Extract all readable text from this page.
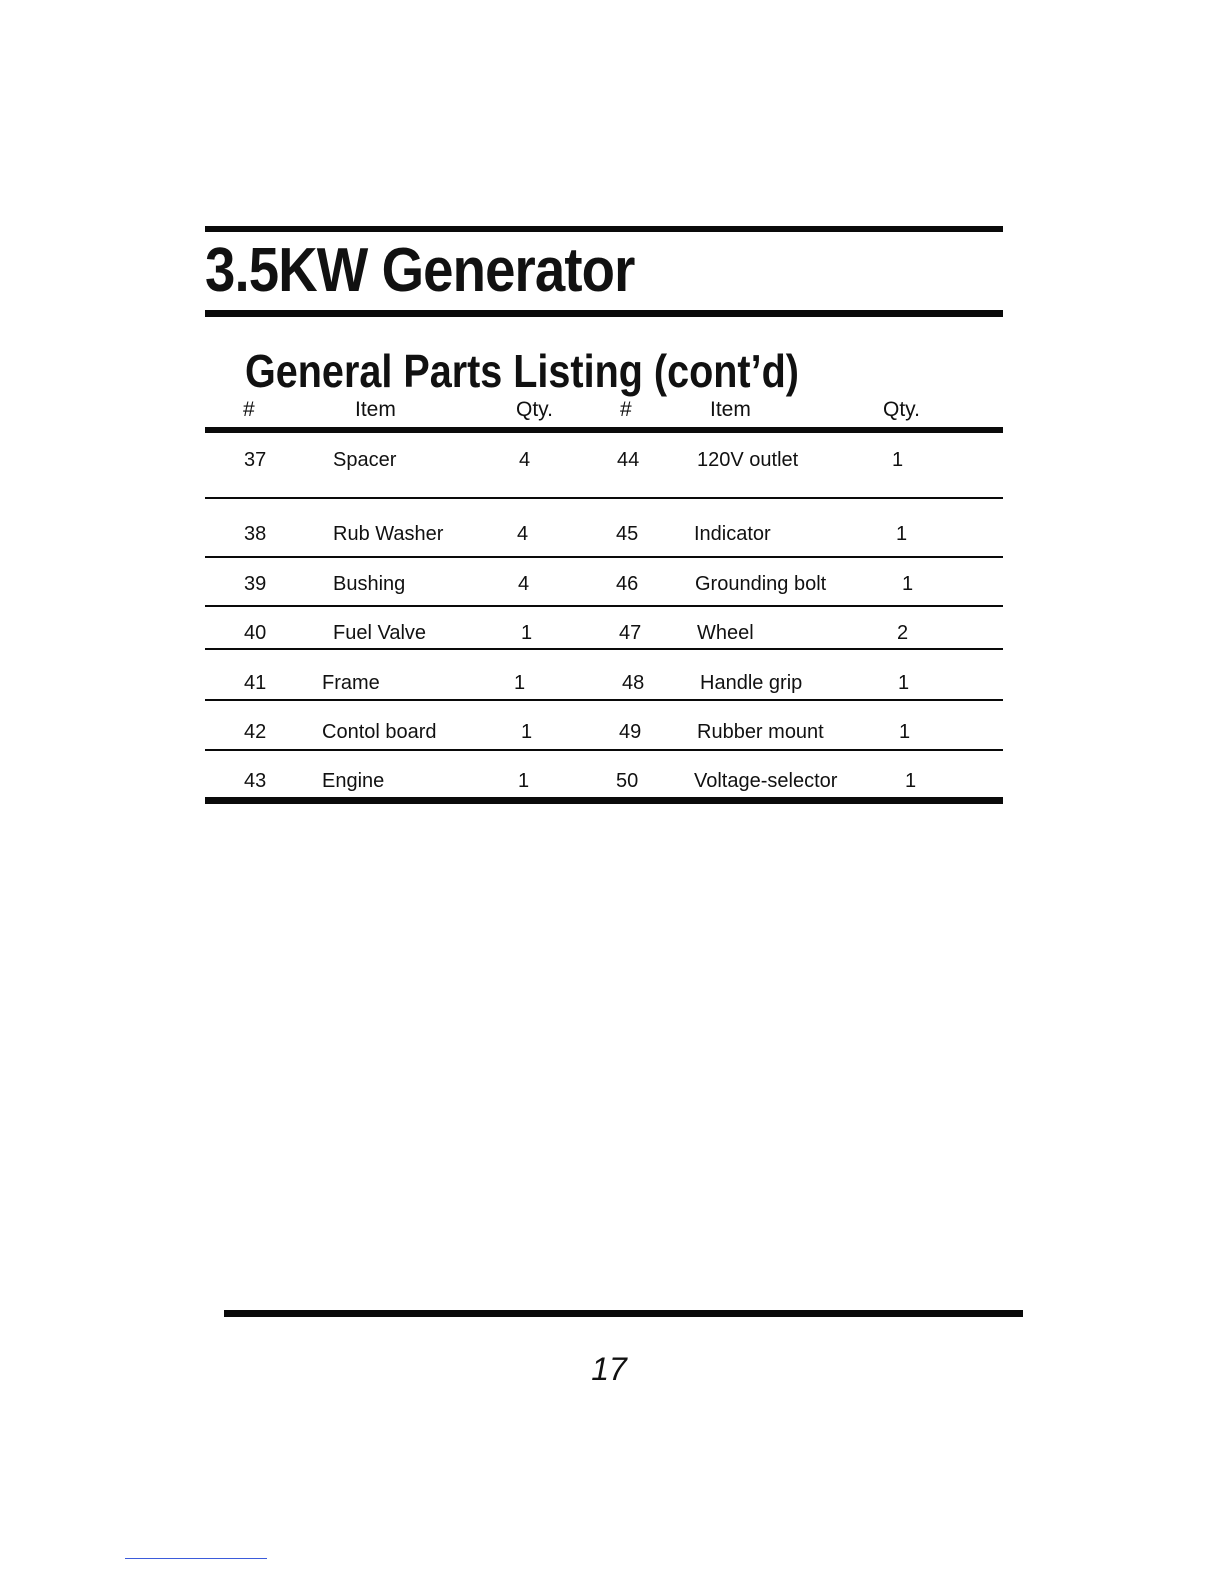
3.5KW Generator
General Parts Listing (cont’d)
#	Item	Qty.	#	Item	Qty.
37	Spacer	4	44	120V outlet	1
38	Rub Washer	4	45	Indicator	1
39	Bushing	4	46	Grounding bolt	1
40	Fuel Valve	1	47	Wheel	2
41	Frame	1	48	Handle grip	1
42	Contol board	1	49	Rubber mount	1
43	Engine	1	50	Voltage-selector	1
17
